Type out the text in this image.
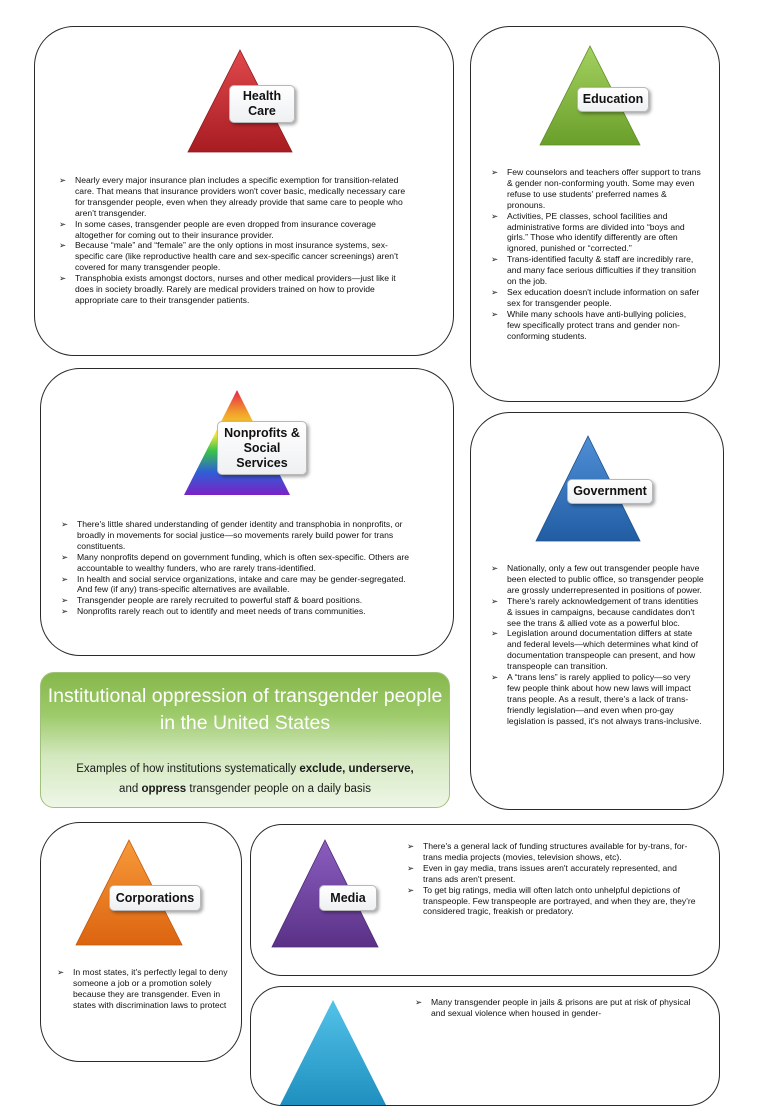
Health
Care
➢ Nearly every major insurance plan includes a specific exemption for transition-related care. That means that insurance providers won't cover basic, medically necessary care for transgender people, even when they already provide that same care to people who aren't transgender.
➢ In some cases, transgender people are even dropped from insurance coverage altogether for coming out to their insurance provider.
➢ Because “male” and “female” are the only options in most insurance systems, sex-specific care (like reproductive health care and sex-specific cancer screenings) aren't covered for many transgender people.
➢ Transphobia exists amongst doctors, nurses and other medical providers—just like it does in society broadly. Rarely are medical providers trained on how to provide appropriate care to their transgender patients.
Education
➢ Few counselors and teachers offer support to trans & gender non-conforming youth. Some may even refuse to use students' preferred names & pronouns.
➢ Activities, PE classes, school facilities and administrative forms are divided into “boys and girls.” Those who identify differently are often ignored, punished or “corrected.”
➢ Trans-identified faculty & staff are incredibly rare, and many face serious difficulties if they transition on the job.
➢ Sex education doesn't include information on safer sex for transgender people.
➢ While many schools have anti-bullying policies, few specifically protect trans and gender non-conforming students.
Nonprofits &
Social
Services
➢ There's little shared understanding of gender identity and transphobia in nonprofits, or broadly in movements for social justice—so movements rarely build power for trans constituents.
➢ Many nonprofits depend on government funding, which is often sex-specific. Others are accountable to wealthy funders, who are rarely trans-identified.
➢ In health and social service organizations, intake and care may be gender-segregated. And few (if any) trans-specific alternatives are available.
➢ Transgender people are rarely recruited to powerful staff & board positions.
➢ Nonprofits rarely reach out to identify and meet needs of trans communities.
Government
➢ Nationally, only a few out transgender people have been elected to public office, so transgender people are grossly underrepresented in positions of power.
➢ There's rarely acknowledgement of trans identities & issues in campaigns, because candidates don't see the trans & allied vote as a powerful bloc.
➢ Legislation around documentation differs at state and federal levels—which determines what kind of documentation transpeople can present, and how transpeople can transition.
➢ A “trans lens” is rarely applied to policy—so very few people think about how new laws will impact trans people. As a result, there's a lack of trans-friendly legislation—and even when pro-gay legislation is passed, it's not always trans-inclusive.
Institutional oppression of transgender people in the United States
Examples of how institutions systematically exclude, underserve,
and oppress transgender people on a daily basis
Corporations
➢ In most states, it's perfectly legal to deny someone a job or a promotion solely because they are transgender. Even in states with discrimination laws to protect
Media
➢ There's a general lack of funding structures available for by-trans, for-trans media projects (movies, television shows, etc).
➢ Even in gay media, trans issues aren't accurately represented, and trans ads aren't present.
➢ To get big ratings, media will often latch onto unhelpful depictions of transpeople. Few transpeople are portrayed, and when they are, they're considered tragic, freakish or predatory.
➢ Many transgender people in jails & prisons are put at risk of physical and sexual violence when housed in gender-
